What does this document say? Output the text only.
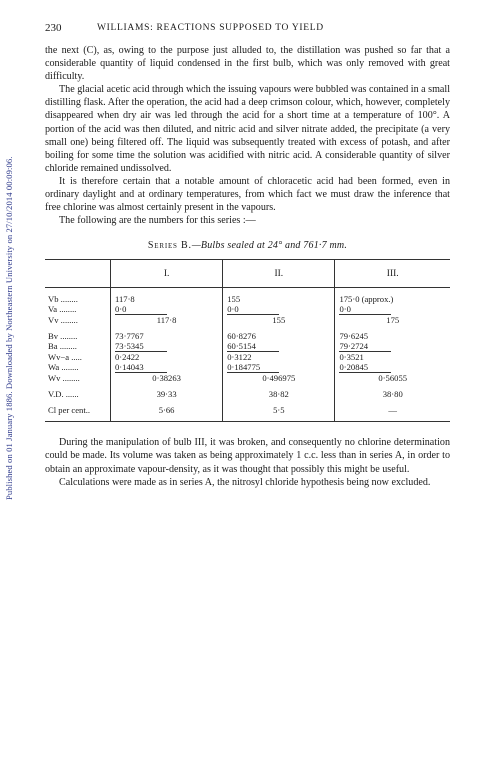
Published on 01 January 1886. Downloaded by Northeastern University on 27/10/2014 00:09:06.
230	WILLIAMS: REACTIONS SUPPOSED TO YIELD

the next (C), as, owing to the purpose just alluded to, the distillation was pushed so far that a considerable quantity of liquid condensed in the first bulb, which was only removed with great difficulty.

The glacial acetic acid through which the issuing vapours were bubbled was contained in a small distilling flask. After the operation, the acid had a deep crimson colour, which, however, completely disappeared when dry air was led through the acid for a short time at a temperature of 100°. A portion of the acid was then diluted, and nitric acid and silver nitrate added, the precipitate (a very small one) being filtered off. The liquid was subsequently treated with excess of potash, and after boiling for some time the solution was acidified with nitric acid. A considerable quantity of silver chloride remained undissolved.

It is therefore certain that a notable amount of chloracetic acid had been formed, even in ordinary daylight and at ordinary temperatures, from which fact we must draw the inference that free chlorine was almost certainly present in the vapours.

The following are the numbers for this series :—

Series B.—Bulbs sealed at 24° and 761·7 mm.
	I.	II.	III.

Vb ........	117·8	155	175·0 (approx.)
Va ........	0·0	0·0	0·0

Vv ........	117·8	155	175

Bv ........	73·7767	60·8276	79·6245
Ba ........	73·5345	60·5154	79·2724

Wv−a .....	0·2422	0·3122	0·3521
Wa ........	0·14043	0·184775	0·20845

Wv ........	0·38263	0·496975	0·56055

V.D. ......	39·33	38·82	38·80

Cl per cent..	5·66	5·5	—

During the manipulation of bulb III, it was broken, and consequently no chlorine determination could be made. Its volume was taken as being approximately 1 c.c. less than in series A, in order to obtain an approximate vapour-density, as it was thought that possibly this might be useful.

Calculations were made as in series A, the nitrosyl chloride hypothesis being now excluded.
